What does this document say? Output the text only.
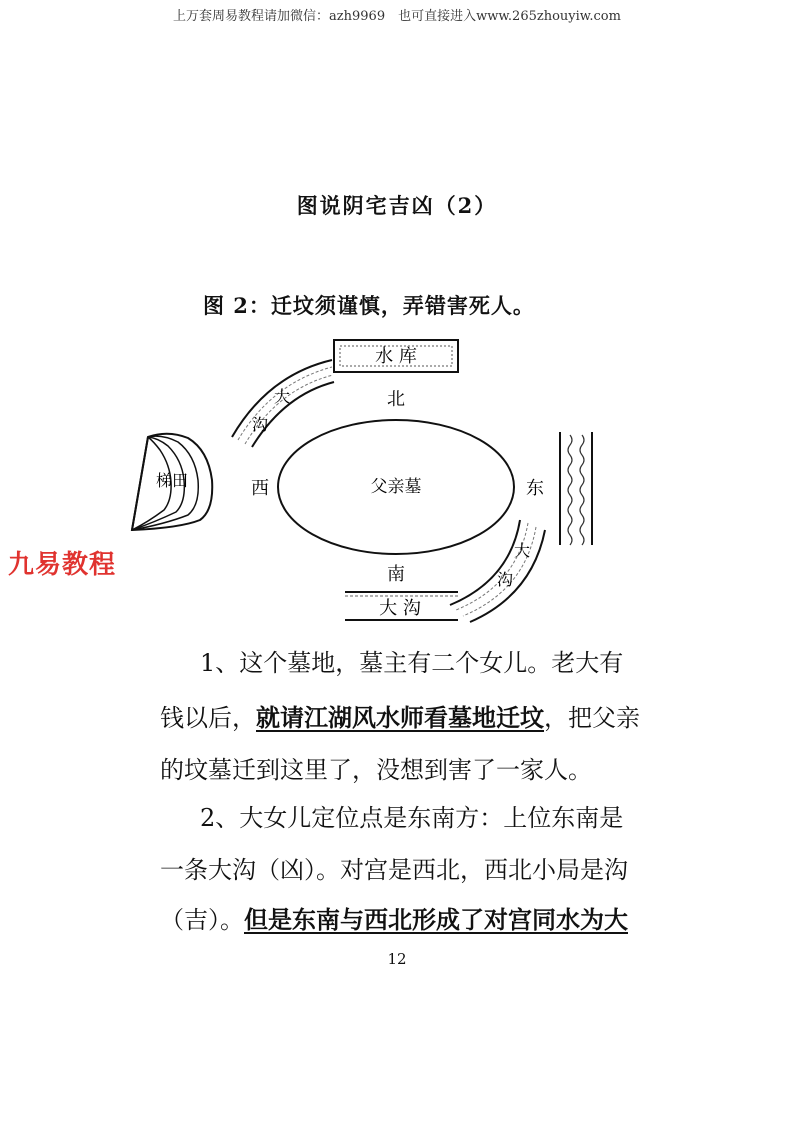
上万套周易教程请加微信：azh9969　也可直接进入www.265zhouyiw.com
图说阴宅吉凶（2）
图 2：迁坟须谨慎，弄错害死人。
水 库
父亲墓
北
南
西	东
大
沟
大
沟
大 沟
梯田
九易教程
1、这个墓地，墓主有二个女儿。老大有
钱以后，就请江湖风水师看墓地迁坟，把父亲
的坟墓迁到这里了，没想到害了一家人。
2、大女儿定位点是东南方：上位东南是
一条大沟（凶）。对宫是西北，西北小局是沟
（吉）。但是东南与西北形成了对宫同水为大
12
